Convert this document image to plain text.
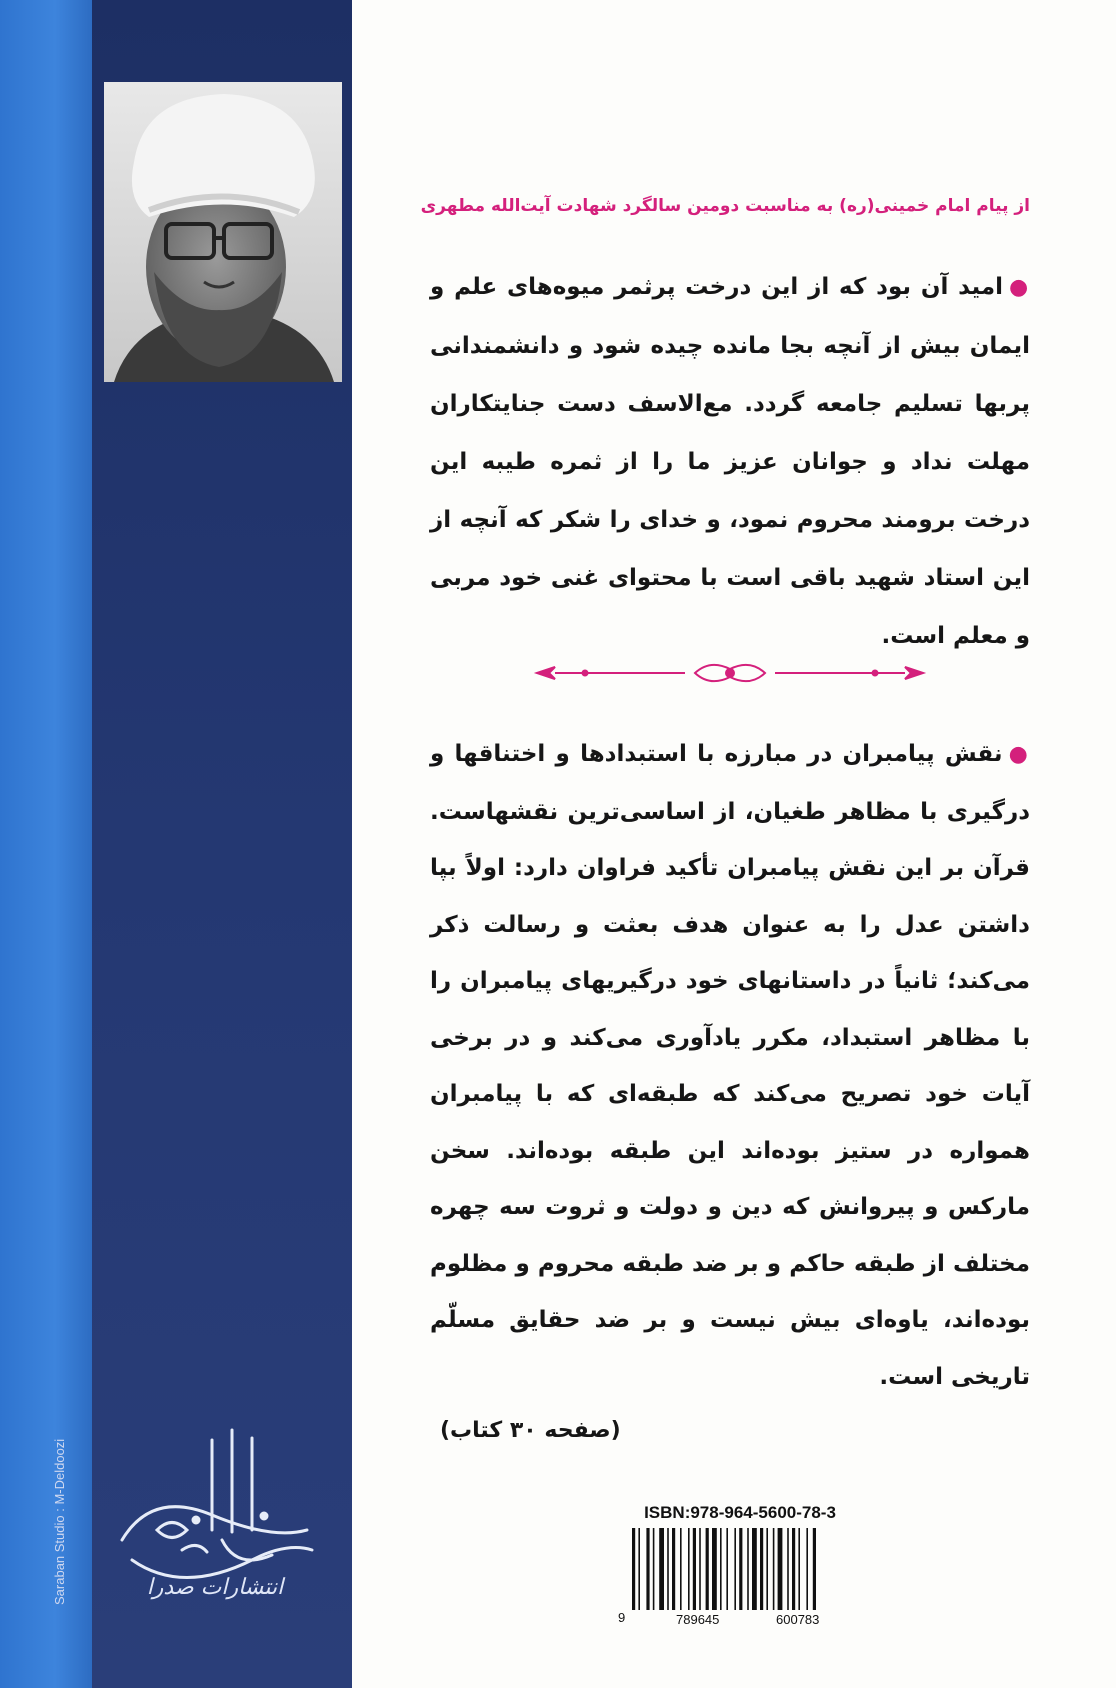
Saraban Studio : M-Deldoozi	انتشارات صدرا
از پیام امام خمینی(ره) به مناسبت دومین سالگرد شهادت آیت‌الله مطهری
●امید آن بود که از این درخت پرثمر میوه‌های علم و ایمان بیش از آنچه بجا مانده چیده شود و دانشمندانی پربها تسلیم جامعه گردد. مع‌الاسف دست جنایتکاران مهلت نداد و جوانان عزیز ما را از ثمره طیبه این درخت برومند محروم نمود، و خدای را شکر که آنچه از این استاد شهید باقی است با محتوای غنی خود مربی و معلم است.
●نقش پیامبران در مبارزه با استبدادها و اختناقها و درگیری با مظاهر طغیان، از اساسی‌ترین نقشهاست. قرآن بر این نقش پیامبران تأکید فراوان دارد: اولاً بپا داشتن عدل را به عنوان هدف بعثت و رسالت ذکر می‌کند؛ ثانیاً در داستانهای خود درگیریهای پیامبران را با مظاهر استبداد، مکرر یادآوری می‌کند و در برخی آیات خود تصریح می‌کند که طبقه‌ای که با پیامبران همواره در ستیز بوده‌اند این طبقه بوده‌اند. سخن مارکس و پیروانش که دین و دولت و ثروت سه چهره مختلف از طبقه حاکم و بر ضد طبقه محروم و مظلوم بوده‌اند، یاوه‌ای بیش نیست و بر ضد حقایق مسلّم تاریخی است.
(صفحه ۳۰ کتاب)
ISBN:978-964-5600-78-3
9	789645	600783
